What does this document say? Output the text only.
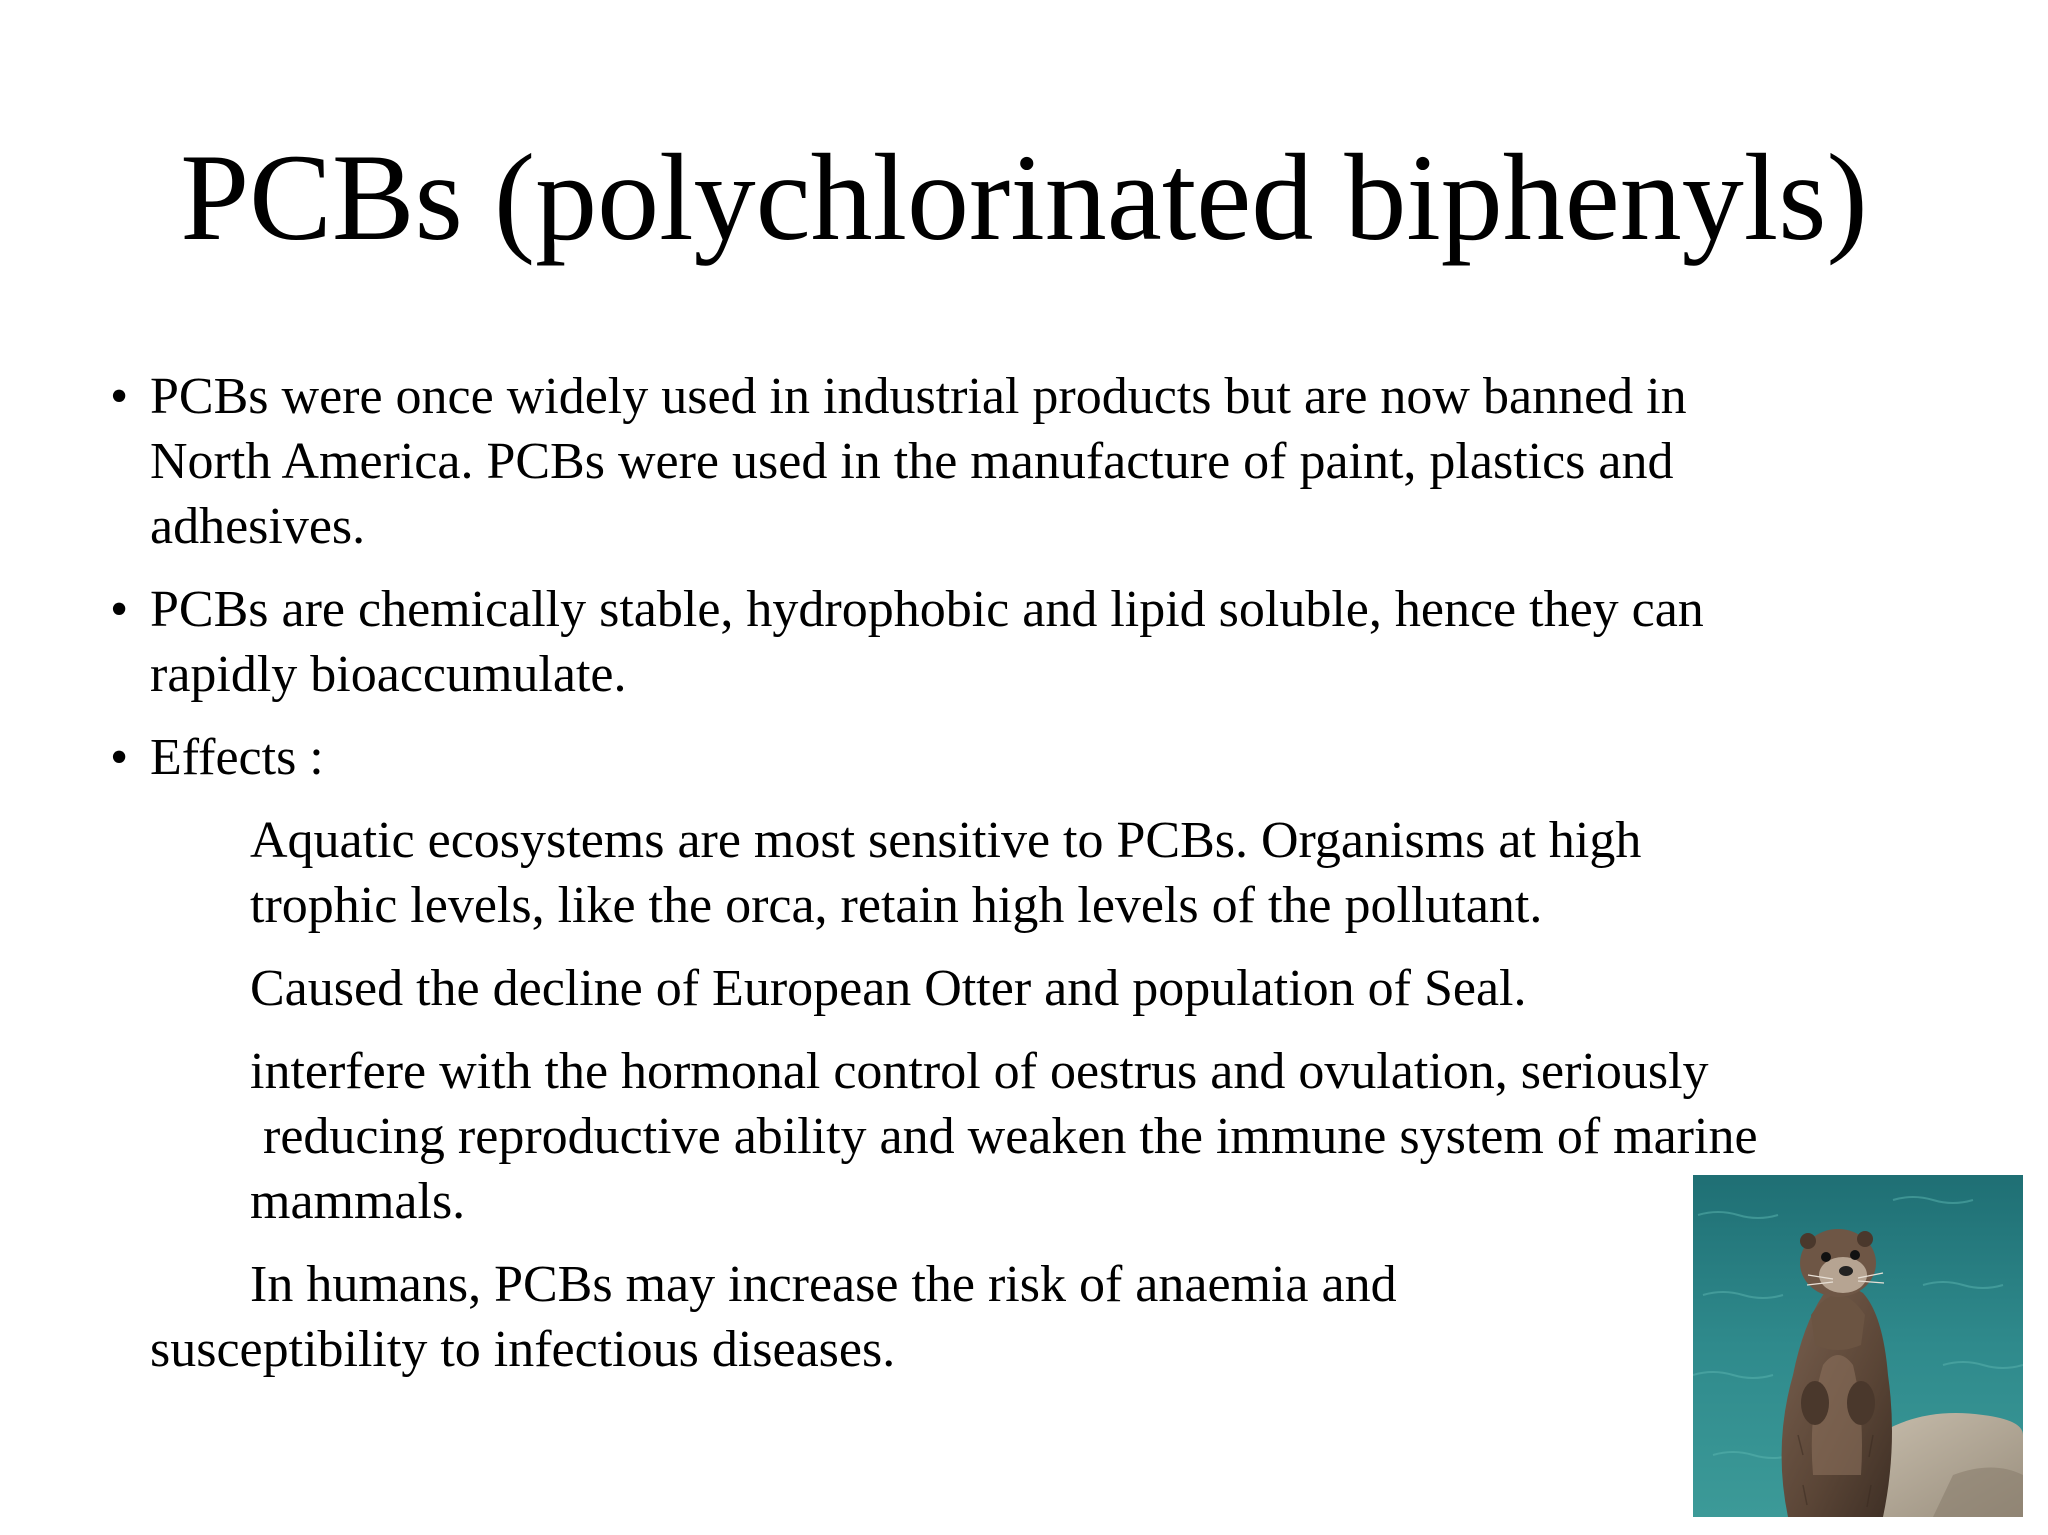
PCBs (polychlorinated biphenyls)
• PCBs were once widely used in industrial products but are now banned in
North America. PCBs were used in the manufacture of paint, plastics and
adhesives.
• PCBs are chemically stable, hydrophobic and lipid soluble, hence they can
rapidly bioaccumulate.
• Effects :
Aquatic ecosystems are most sensitive to PCBs. Organisms at high
trophic levels, like the orca, retain high levels of the pollutant.
Caused the decline of European Otter and population of Seal.
interfere with the hormonal control of oestrus and ovulation, seriously
reducing reproductive ability and weaken the immune system of marine
mammals.
In humans, PCBs may increase the risk of anaemia and
susceptibility to infectious diseases.
